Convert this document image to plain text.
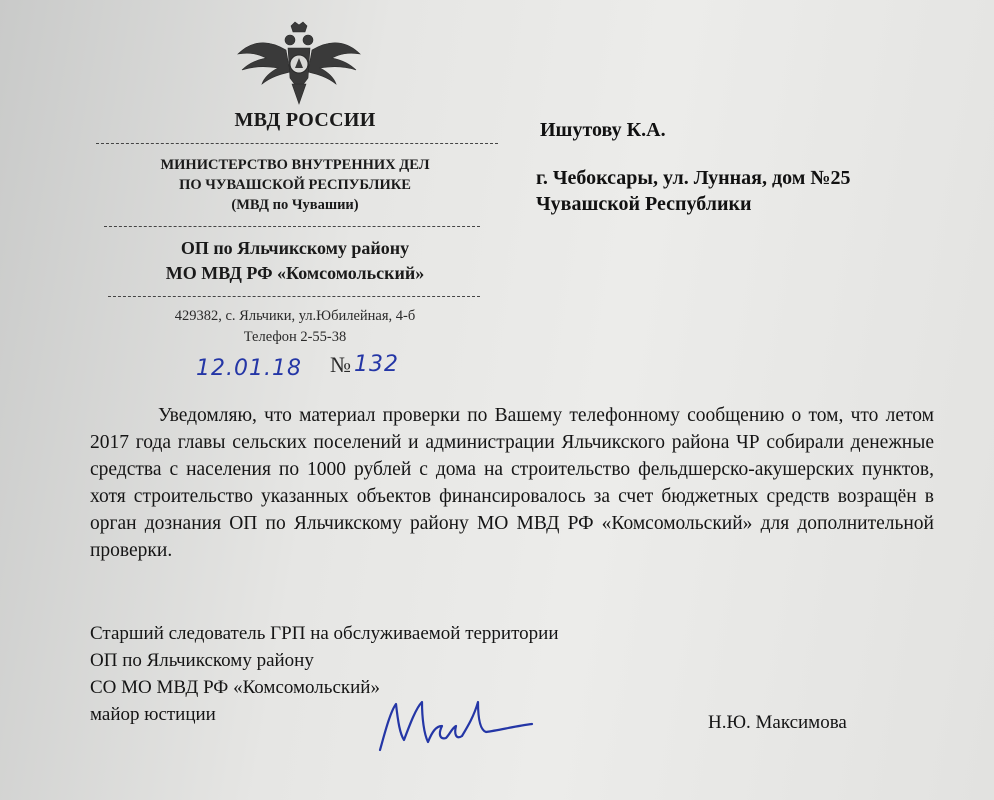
МВД РОССИИ
МИНИСТЕРСТВО ВНУТРЕННИХ ДЕЛ
ПО ЧУВАШСКОЙ РЕСПУБЛИКЕ
(МВД по Чувашии)
ОП по Яльчикскому району
МО МВД РФ «Комсомольский»
429382, с. Яльчики, ул.Юбилейная, 4-б
Телефон 2-55-38
12.01.18 № 132
Ишутову К.А.
г. Чебоксары, ул. Лунная, дом №25
Чувашской Республики

Уведомляю, что материал проверки по Вашему телефонному сообщению о том, что летом 2017 года главы сельских поселений и администрации Яльчикского района ЧР собирали денежные средства с населения по 1000 рублей с дома на строительство фельдшерско-акушерских пунктов, хотя строительство указанных объектов финансировалось за счет бюджетных средств возращён в орган дознания ОП по Яльчикскому району МО МВД РФ «Комсомольский» для дополнительной проверки.

Старший следователь ГРП на обслуживаемой территории
ОП по Яльчикскому району
СО МО МВД РФ «Комсомольский»
майор юстиции	Н.Ю. Максимова
